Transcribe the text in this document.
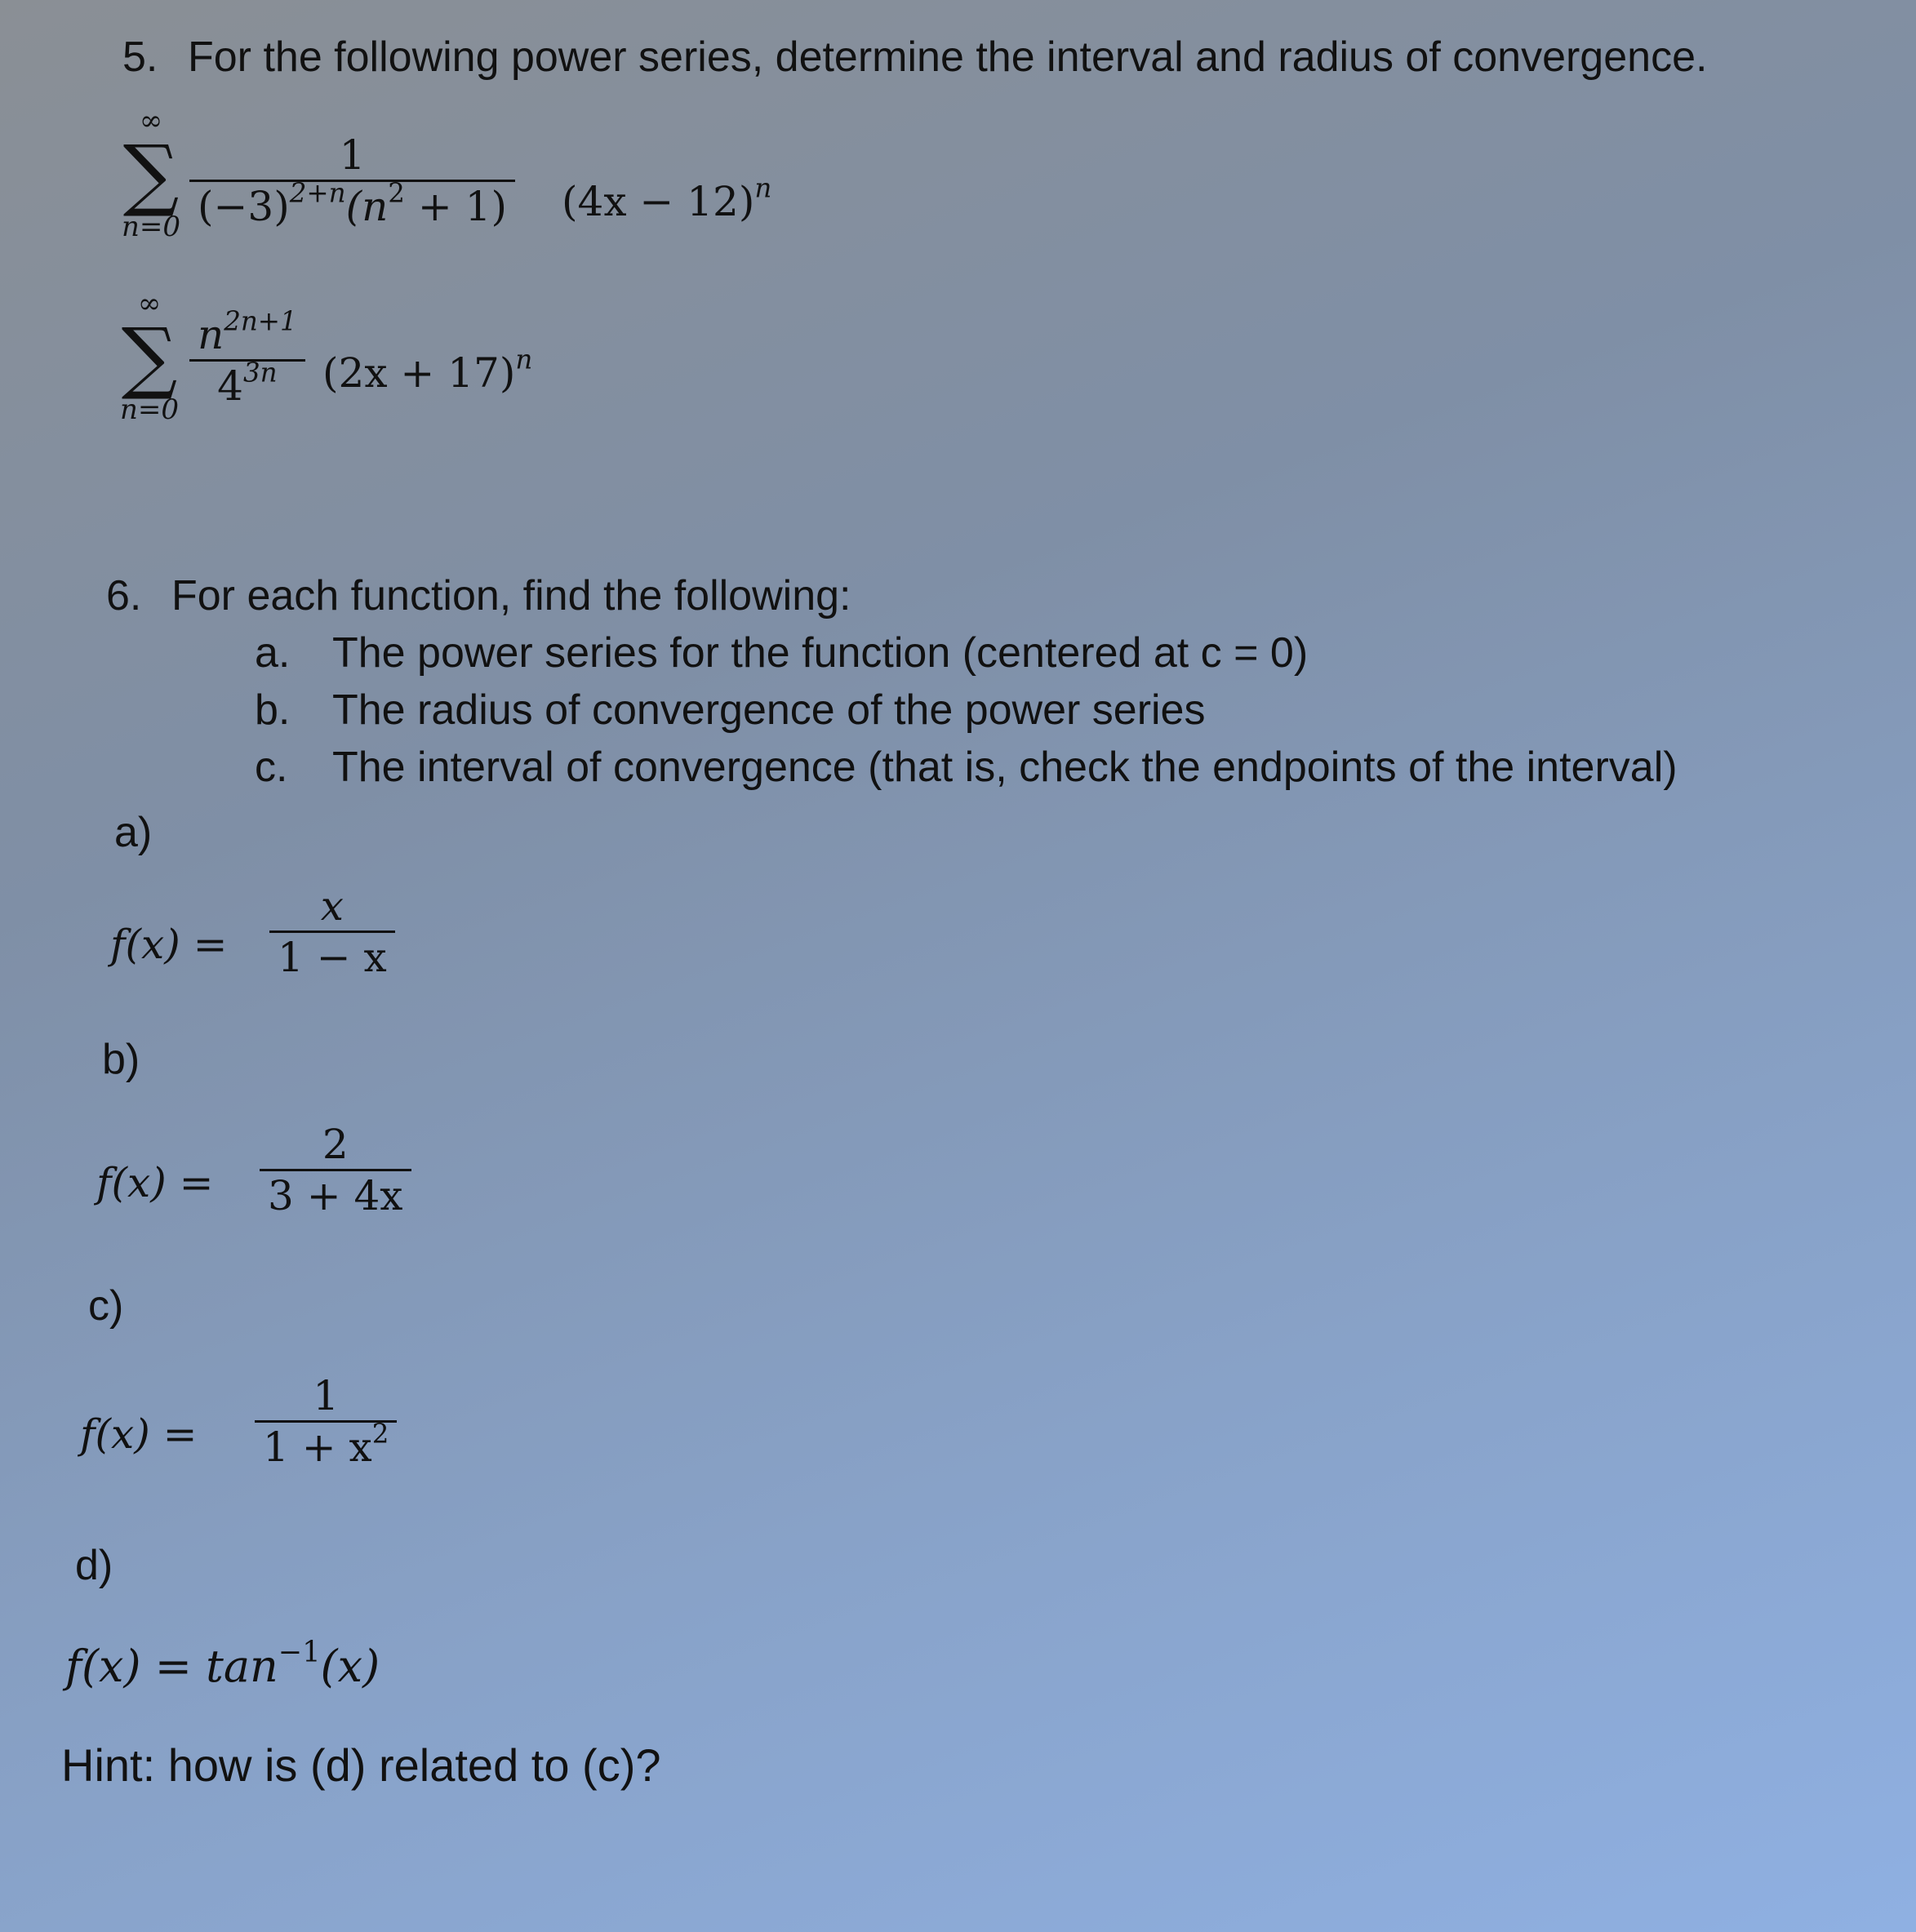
5. For the following power series, determine the interval and radius of convergence.
∞
∑
n=0
1
$(-3)^{2+n}(n^2 + 1) (4x - 12)^n$
∞
∑
n=0
$n^{2n+1}$
$4^{3n}$ $(2x + 17)^n$
6. For each function, find the following:
a. The power series for the function (centered at c = 0)
b. The radius of convergence of the power series
c. The interval of convergence (that is, check the endpoints of the interval)
a)
f(x) =
x
1 − x
b)
f(x) =
2
3 + 4x
c)
f(x) =
1
$1 + x^2$
d)
$f(x) = \tan^{-1}(x)$
Hint: how is (d) related to (c)?
